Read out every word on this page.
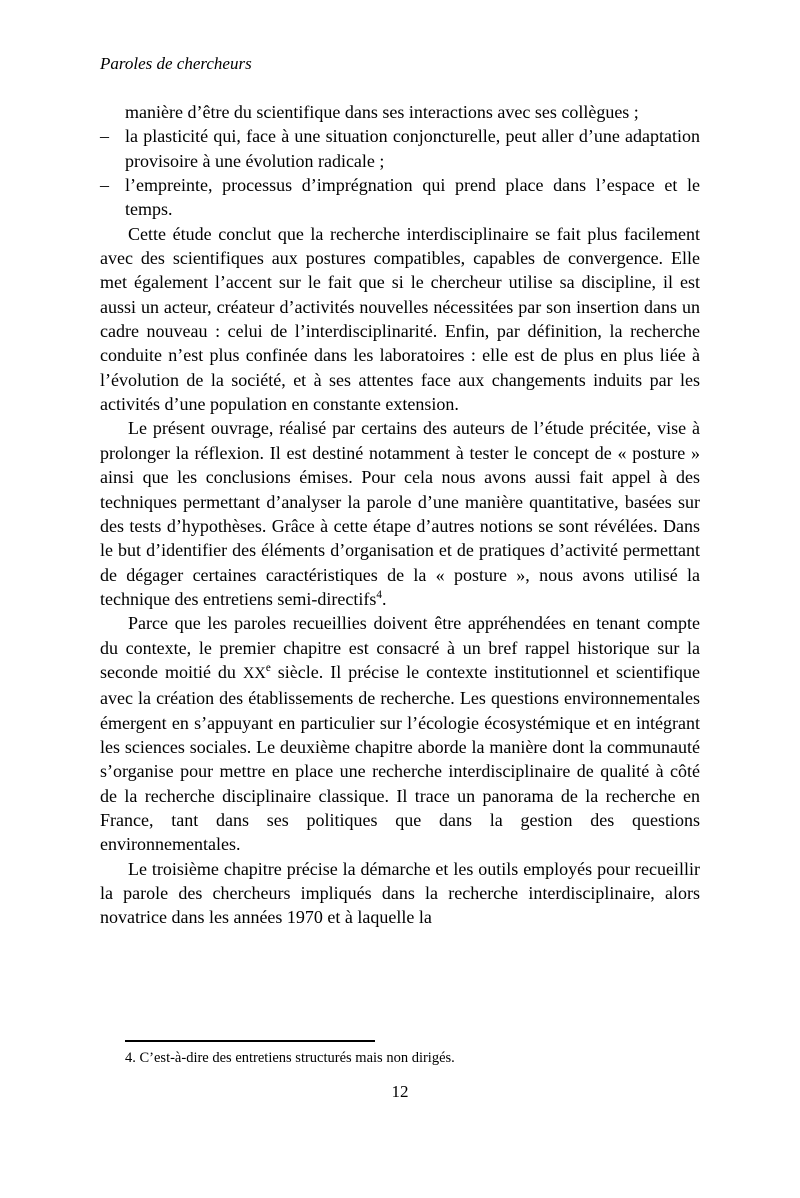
Paroles de chercheurs
manière d’être du scientifique dans ses interactions avec ses collègues ;
– la plasticité qui, face à une situation conjoncturelle, peut aller d’une adaptation provisoire à une évolution radicale ;
– l’empreinte, processus d’imprégnation qui prend place dans l’espace et le temps.

Cette étude conclut que la recherche interdisciplinaire se fait plus facilement avec des scientifiques aux postures compatibles, capables de convergence. Elle met également l’accent sur le fait que si le chercheur utilise sa discipline, il est aussi un acteur, créateur d’activités nouvelles nécessitées par son insertion dans un cadre nouveau : celui de l’interdisciplinarité. Enfin, par définition, la recherche conduite n’est plus confinée dans les laboratoires : elle est de plus en plus liée à l’évolution de la société, et à ses attentes face aux changements induits par les activités d’une population en constante extension.

Le présent ouvrage, réalisé par certains des auteurs de l’étude précitée, vise à prolonger la réflexion. Il est destiné notamment à tester le concept de « posture » ainsi que les conclusions émises. Pour cela nous avons aussi fait appel à des techniques permettant d’analyser la parole d’une manière quantitative, basées sur des tests d’hypothèses. Grâce à cette étape d’autres notions se sont révélées. Dans le but d’identifier des éléments d’organisation et de pratiques d’activité permettant de dégager certaines caractéristiques de la « posture », nous avons utilisé la technique des entretiens semi-directifs$^4$.

Parce que les paroles recueillies doivent être appréhendées en tenant compte du contexte, le premier chapitre est consacré à un bref rappel historique sur la seconde moitié du XXe siècle. Il précise le contexte institutionnel et scientifique avec la création des établissements de recherche. Les questions environnementales émergent en s’appuyant en particulier sur l’écologie écosystémique et en intégrant les sciences sociales. Le deuxième chapitre aborde la manière dont la communauté s’organise pour mettre en place une recherche interdisciplinaire de qualité à côté de la recherche disciplinaire classique. Il trace un panorama de la recherche en France, tant dans ses politiques que dans la gestion des questions environnementales.

Le troisième chapitre précise la démarche et les outils employés pour recueillir la parole des chercheurs impliqués dans la recherche interdisciplinaire, alors novatrice dans les années 1970 et à laquelle la

4. C’est-à-dire des entretiens structurés mais non dirigés.
12
